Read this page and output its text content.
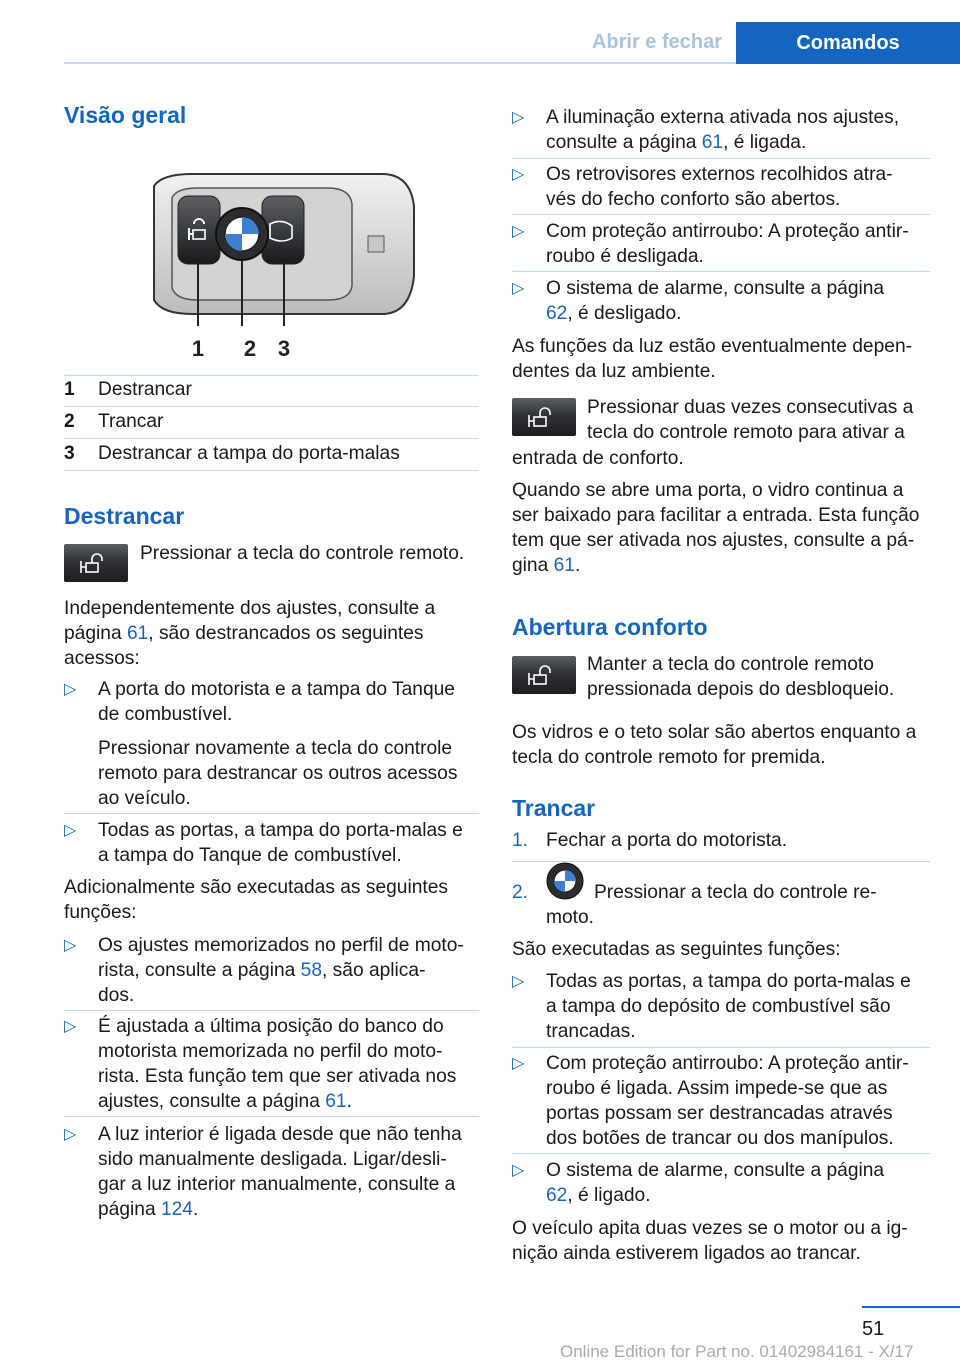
Abrir e fechar	Comandos
Visão geral
1 2 3
1 Destrancar
2 Trancar
3 Destrancar a tampa do porta-malas
Destrancar
Pressionar a tecla do controle remoto.
Independentemente dos ajustes, consulte a
página 61, são destrancados os seguintes
acessos:
▷ A porta do motorista e a tampa do Tanque
de combustível.
Pressionar novamente a tecla do controle
remoto para destrancar os outros acessos
ao veículo.
▷ Todas as portas, a tampa do porta-malas e
a tampa do Tanque de combustível.
Adicionalmente são executadas as seguintes
funções:
▷ Os ajustes memorizados no perfil de moto-
rista, consulte a página 58, são aplica-
dos.
▷ É ajustada a última posição do banco do
motorista memorizada no perfil do moto-
rista. Esta função tem que ser ativada nos
ajustes, consulte a página 61.
▷ A luz interior é ligada desde que não tenha
sido manualmente desligada. Ligar/desli-
gar a luz interior manualmente, consulte a
página 124.
▷ A iluminação externa ativada nos ajustes,
consulte a página 61, é ligada.
▷ Os retrovisores externos recolhidos atra-
vés do fecho conforto são abertos.
▷ Com proteção antirroubo: A proteção antir-
roubo é desligada.
▷ O sistema de alarme, consulte a página
62, é desligado.
As funções da luz estão eventualmente depen-
dentes da luz ambiente.
Pressionar duas vezes consecutivas a
tecla do controle remoto para ativar a
entrada de conforto.
Quando se abre uma porta, o vidro continua a
ser baixado para facilitar a entrada. Esta função
tem que ser ativada nos ajustes, consulte a pá-
gina 61.
Abertura conforto
Manter a tecla do controle remoto
pressionada depois do desbloqueio.
Os vidros e o teto solar são abertos enquanto a
tecla do controle remoto for premida.
Trancar
1. Fechar a porta do motorista.
2.	Pressionar a tecla do controle re-
moto.
São executadas as seguintes funções:
▷ Todas as portas, a tampa do porta-malas e
a tampa do depósito de combustível são
trancadas.
▷ Com proteção antirroubo: A proteção antir-
roubo é ligada. Assim impede-se que as
portas possam ser destrancadas através
dos botões de trancar ou dos manípulos.
▷ O sistema de alarme, consulte a página
62, é ligado.
O veículo apita duas vezes se o motor ou a ig-
nição ainda estiverem ligados ao trancar.
51
Online Edition for Part no. 01402984161 - X/17
